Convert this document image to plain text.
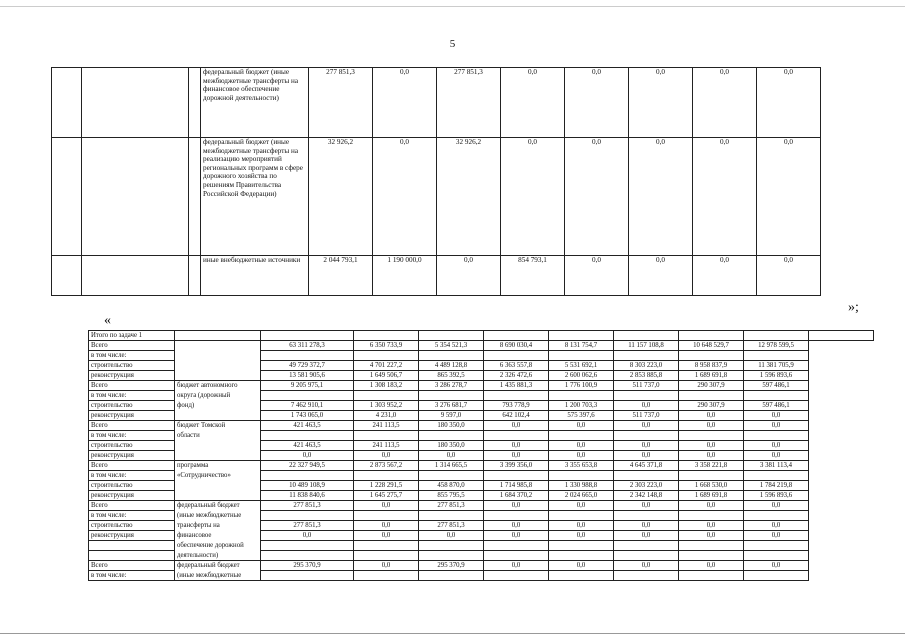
5
			федеральный бюджет (иные межбюджетные трансферты на финансовое обеспечение дорожной деятельности)	277 851,3	0,0	277 851,3	0,0	0,0	0,0	0,0	0,0
			федеральный бюджет (иные межбюджетные трансферты на реализацию мероприятий региональных программ в сфере дорожного хозяйства по решениям Правительства Российской Федерации)	32 926,2	0,0	32 926,2	0,0	0,0	0,0	0,0	0,0
			иные внебюджетные источники	2 044 793,1	1 190 000,0	0,0	854 793,1	0,0	0,0	0,0	0,0
»;
«
Итого по задаче 1										
Всего		63 311 278,3	6 350 733,9	5 354 521,3	8 690 030,4	8 131 754,7	11 157 108,8	10 648 529,7	12 978 599,5	
в том числе:										
строительство		49 729 372,7	4 701 227,2	4 489 128,8	6 363 557,8	5 531 692,1	8 303 223,0	8 958 837,9	11 381 705,9	
реконструкция		13 581 905,6	1 649 506,7	865 392,5	2 326 472,6	2 600 062,6	2 853 885,8	1 689 691,8	1 596 893,6	
Всего	бюджет автономного	9 205 975,1	1 308 183,2	3 286 278,7	1 435 881,3	1 776 100,9	511 737,0	290 307,9	597 486,1	
в том числе:	округа (дорожный									
строительство	фонд)	7 462 910,1	1 303 952,2	3 276 681,7	793 778,9	1 200 703,3	0,0	290 307,9	597 486,1	
реконструкция		1 743 065,0	4 231,0	9 597,0	642 102,4	575 397,6	511 737,0	0,0	0,0	
Всего	бюджет Томской	421 463,5	241 113,5	180 350,0	0,0	0,0	0,0	0,0	0,0	
в том числе:	области									
строительство		421 463,5	241 113,5	180 350,0	0,0	0,0	0,0	0,0	0,0	
реконструкция		0,0	0,0	0,0	0,0	0,0	0,0	0,0	0,0	
Всего	программа	22 327 949,5	2 873 567,2	1 314 665,5	3 399 356,0	3 355 653,8	4 645 371,8	3 358 221,8	3 381 113,4	
в том числе:	«Сотрудничество»									
строительство		10 489 108,9	1 228 291,5	458 870,0	1 714 985,8	1 330 988,8	2 303 223,0	1 668 530,0	1 784 219,8	
реконструкция		11 838 840,6	1 645 275,7	855 795,5	1 684 370,2	2 024 665,0	2 342 148,8	1 689 691,8	1 596 893,6	
Всего	федеральный бюджет	277 851,3	0,0	277 851,3	0,0	0,0	0,0	0,0	0,0	
в том числе:	(иные межбюджетные									
строительство	трансферты на	277 851,3	0,0	277 851,3	0,0	0,0	0,0	0,0	0,0	
реконструкция	финансовое	0,0	0,0	0,0	0,0	0,0	0,0	0,0	0,0	
	обеспечение дорожной									
	деятельности)									
Всего	федеральный бюджет	295 370,9	0,0	295 370,9	0,0	0,0	0,0	0,0	0,0	
в том числе:	(иные межбюджетные									
